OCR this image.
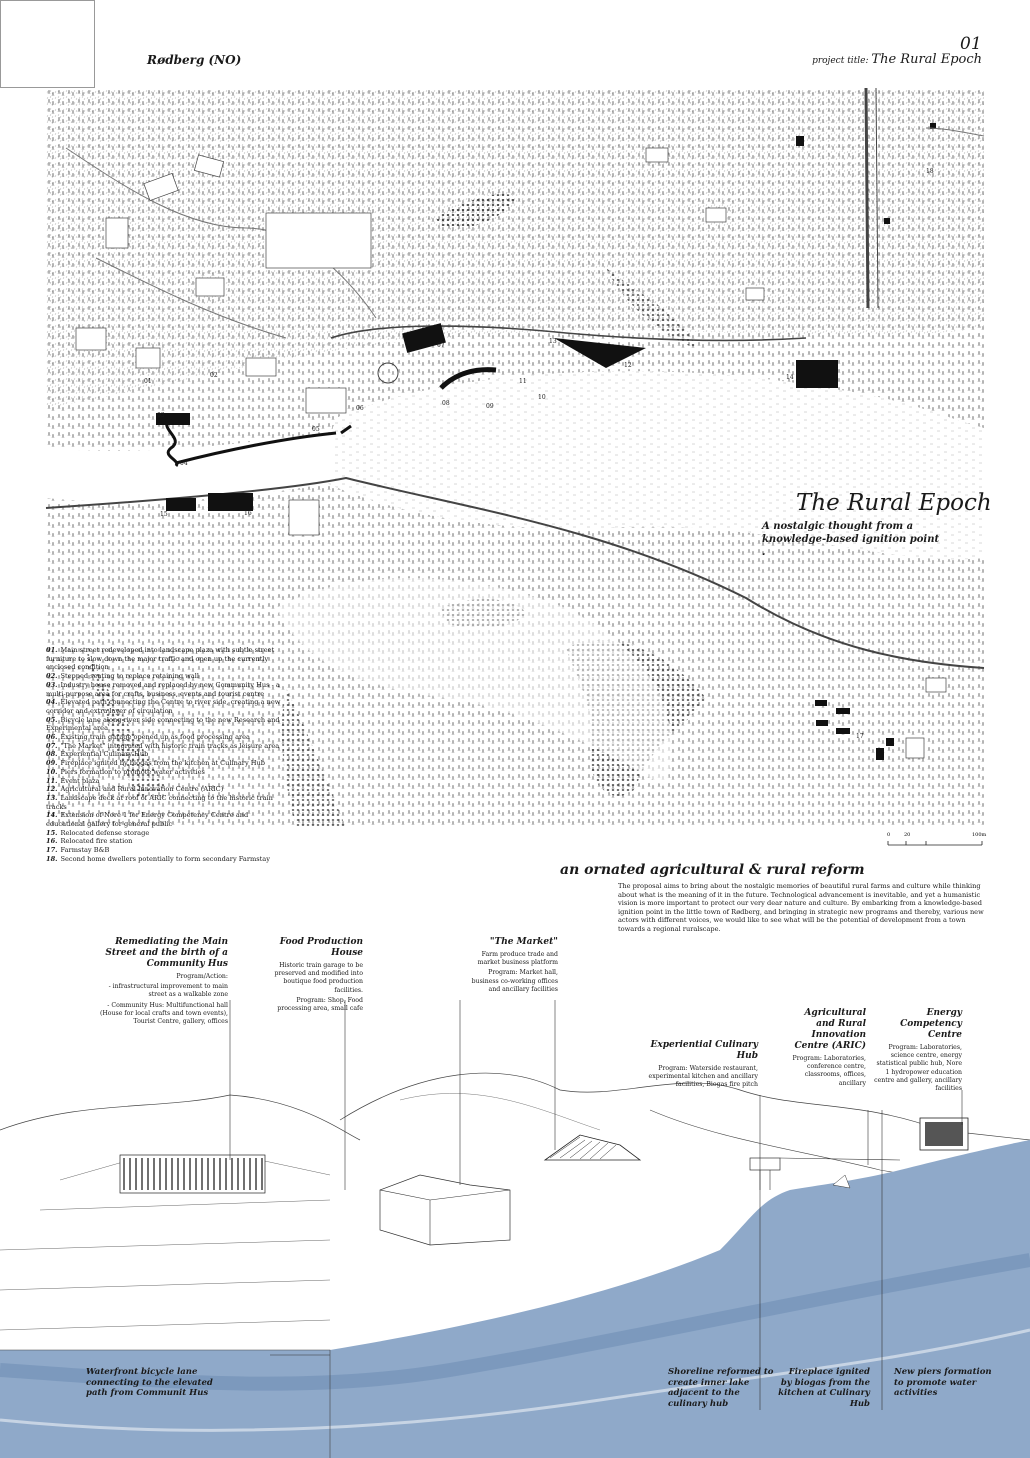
Rødberg (NO)
01
project title: The Rural Epoch
The Rural Epoch
A nostalgic thought from a knowledge-based ignition point .
01
02
03
04
05
06
07
08	09
10
11
12
13
14
15	16
17
18
01. Main street redeveloped into landscape plaza with subtle street furniture to slow down the major traffic and open up the currently enclosed condition
02. Stepped seating to replace retaining wall
03. Industry house removed and replaced by new Community Hus - a multi-purpose area for crafts, business, events and tourist centre
04. Elevated path connecting the Centre to river side, creating a new corridor and extra layer of circulation
05. Bicycle lane along river side connecting to the new Research and Experimental area
06. Existing train garage opened up as food processing area
07. "The Market" integrated with historic train tracks as leisure area
08. Experiential Culinary Hub
09. Fireplace ignited by biogas from the kitchen at Culinary Hub
10. Piers formation to promote water activities
11. Event plaza
12. Agricultural and Rural Innovation Centre (ARIC)
13. Landscape deck at roof of ARIC connecting to the historic train tracks
14. Extension of Nore 1 for Energy Competency Centre and educational gallery for general public
15. Relocated defense storage
16. Relocated fire station
17. Farmstay B&B
18. Second home dwellers potentially to form secondary Farmstay
0	20	100m
an ornated agricultural & rural reform
The proposal aims to bring about the nostalgic memories of beautiful rural farms and culture while thinking about what is the meaning of it in the future. Technological advancement is inevitable, and yet a humanistic vision is more important to protect our very dear nature and culture. By embarking from a knowledge-based ignition point in the little town of Rødberg, and bringing in strategic new programs and thereby, various new actors with different voices, we would like to see what will be the potential of development from a town towards a regional ruralscape.
Remediating the Main Street and the birth of a Community Hus

Program/Action:

- infrastructural improvement to main street as a walkable zone

- Community Hus: Multifunctional hall (House for local crafts and town events), Tourist Centre, gallery, offices

Food Production House

Historic train garage to be preserved and modified into boutique food production facilities.

Program: Shop, Food processing area, small cafe

"The Market"

Farm produce trade and market business platform

Program: Market hall, business co-working offices and ancillary facilities

Experiential Culinary Hub

Program: Waterside restaurant, experimental kitchen and ancillary facilities, Biogas fire pitch

Agricultural and Rural Innovation Centre (ARIC)

Program: Laboratories, conference centre, classrooms, offices, ancillary

Energy Competency Centre

Program: Laboratories, science centre, energy statistical public hub, Nore 1 hydropower education centre and gallery, ancillary facilities

Waterfront bicycle lane connecting to the elevated path from Communit Hus
Shoreline reformed to create inner lake adjacent to the culinary hub
Fireplace ignited by biogas from the kitchen at Culinary Hub
New piers formation to promote water activities
